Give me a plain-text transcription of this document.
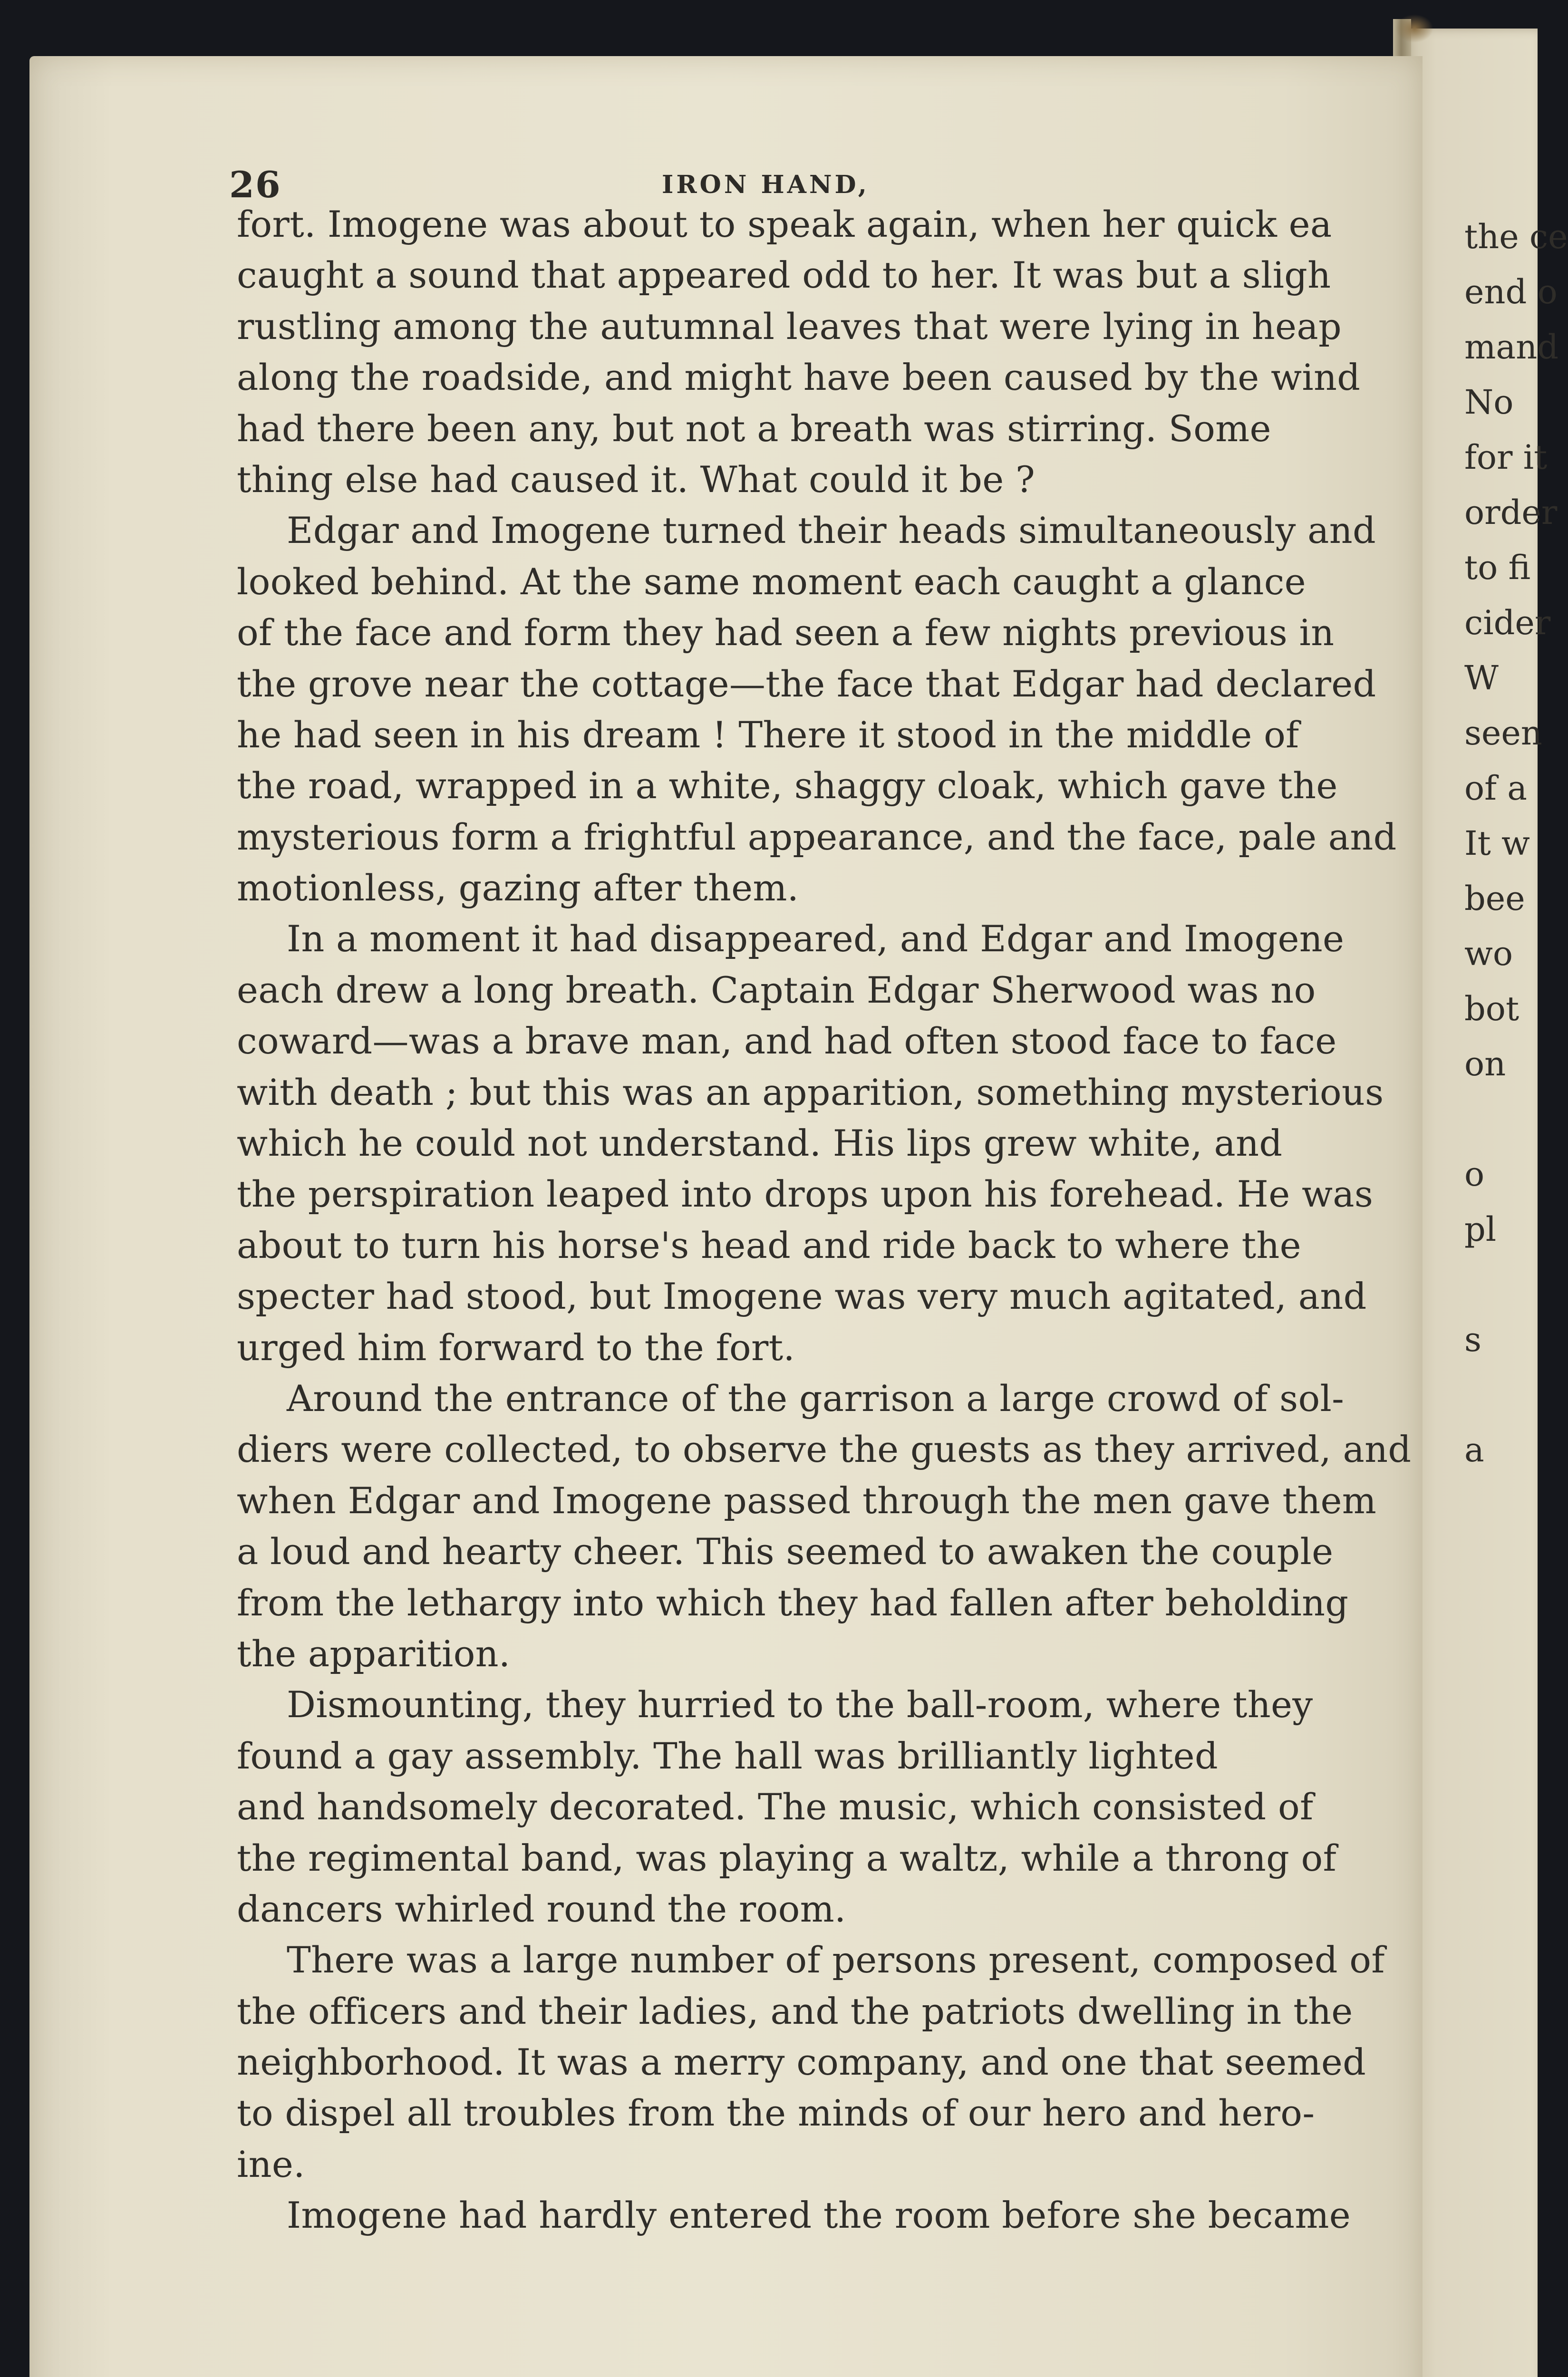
26	IRON HAND,
fort. Imogene was about to speak again, when her quick ea
caught a sound that appeared odd to her. It was but a sligh
rustling among the autumnal leaves that were lying in heap
along the roadside, and might have been caused by the wind
had there been any, but not a breath was stirring. Some
thing else had caused it. What could it be ?
Edgar and Imogene turned their heads simultaneously and
looked behind. At the same moment each caught a glance
of the face and form they had seen a few nights previous in
the grove near the cottage—the face that Edgar had declared
he had seen in his dream ! There it stood in the middle of
the road, wrapped in a white, shaggy cloak, which gave the
mysterious form a frightful appearance, and the face, pale and
motionless, gazing after them.
In a moment it had disappeared, and Edgar and Imogene
each drew a long breath. Captain Edgar Sherwood was no
coward—was a brave man, and had often stood face to face
with death ; but this was an apparition, something mysterious
which he could not understand. His lips grew white, and
the perspiration leaped into drops upon his forehead. He was
about to turn his horse's head and ride back to where the
specter had stood, but Imogene was very much agitated, and
urged him forward to the fort.
Around the entrance of the garrison a large crowd of sol-
diers were collected, to observe the guests as they arrived, and
when Edgar and Imogene passed through the men gave them
a loud and hearty cheer. This seemed to awaken the couple
from the lethargy into which they had fallen after beholding
the apparition.
Dismounting, they hurried to the ball-room, where they
found a gay assembly. The hall was brilliantly lighted
and handsomely decorated. The music, which consisted of
the regimental band, was playing a waltz, while a throng of
dancers whirled round the room.
There was a large number of persons present, composed of
the officers and their ladies, and the patriots dwelling in the
neighborhood. It was a merry company, and one that seemed
to dispel all troubles from the minds of our hero and hero-
ine.
Imogene had hardly entered the room before she became
the ce
end o
mand
No
for it
order
to fi
cider
W
seen
of a
It w
bee
wo
bot
on
o
pl
s
a
